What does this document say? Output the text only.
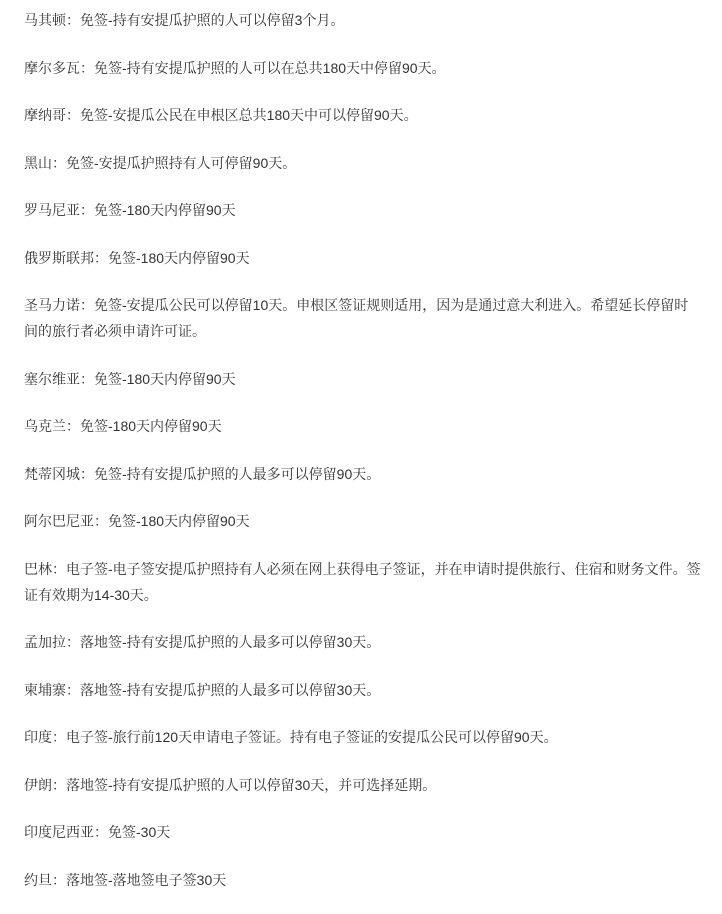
马其顿：免签-持有安提瓜护照的人可以停留3个月。

摩尔多瓦：免签-持有安提瓜护照的人可以在总共180天中停留90天。

摩纳哥：免签-安提瓜公民在申根区总共180天中可以停留90天。

黑山：免签-安提瓜护照持有人可停留90天。

罗马尼亚：免签-180天内停留90天

俄罗斯联邦：免签-180天内停留90天

圣马力诺：免签-安提瓜公民可以停留10天。申根区签证规则适用，因为是通过意大利进入。希望延长停留时间的旅行者必须申请许可证。

塞尔维亚：免签-180天内停留90天

乌克兰：免签-180天内停留90天

梵蒂冈城：免签-持有安提瓜护照的人最多可以停留90天。

阿尔巴尼亚：免签-180天内停留90天

巴林：电子签-电子签安提瓜护照持有人必须在网上获得电子签证，并在申请时提供旅行、住宿和财务文件。签证有效期为14-30天。

孟加拉：落地签-持有安提瓜护照的人最多可以停留30天。

柬埔寨：落地签-持有安提瓜护照的人最多可以停留30天。

印度：电子签-旅行前120天申请电子签证。持有电子签证的安提瓜公民可以停留90天。

伊朗：落地签-持有安提瓜护照的人可以停留30天，并可选择延期。

印度尼西亚：免签-30天

约旦：落地签-落地签电子签30天
